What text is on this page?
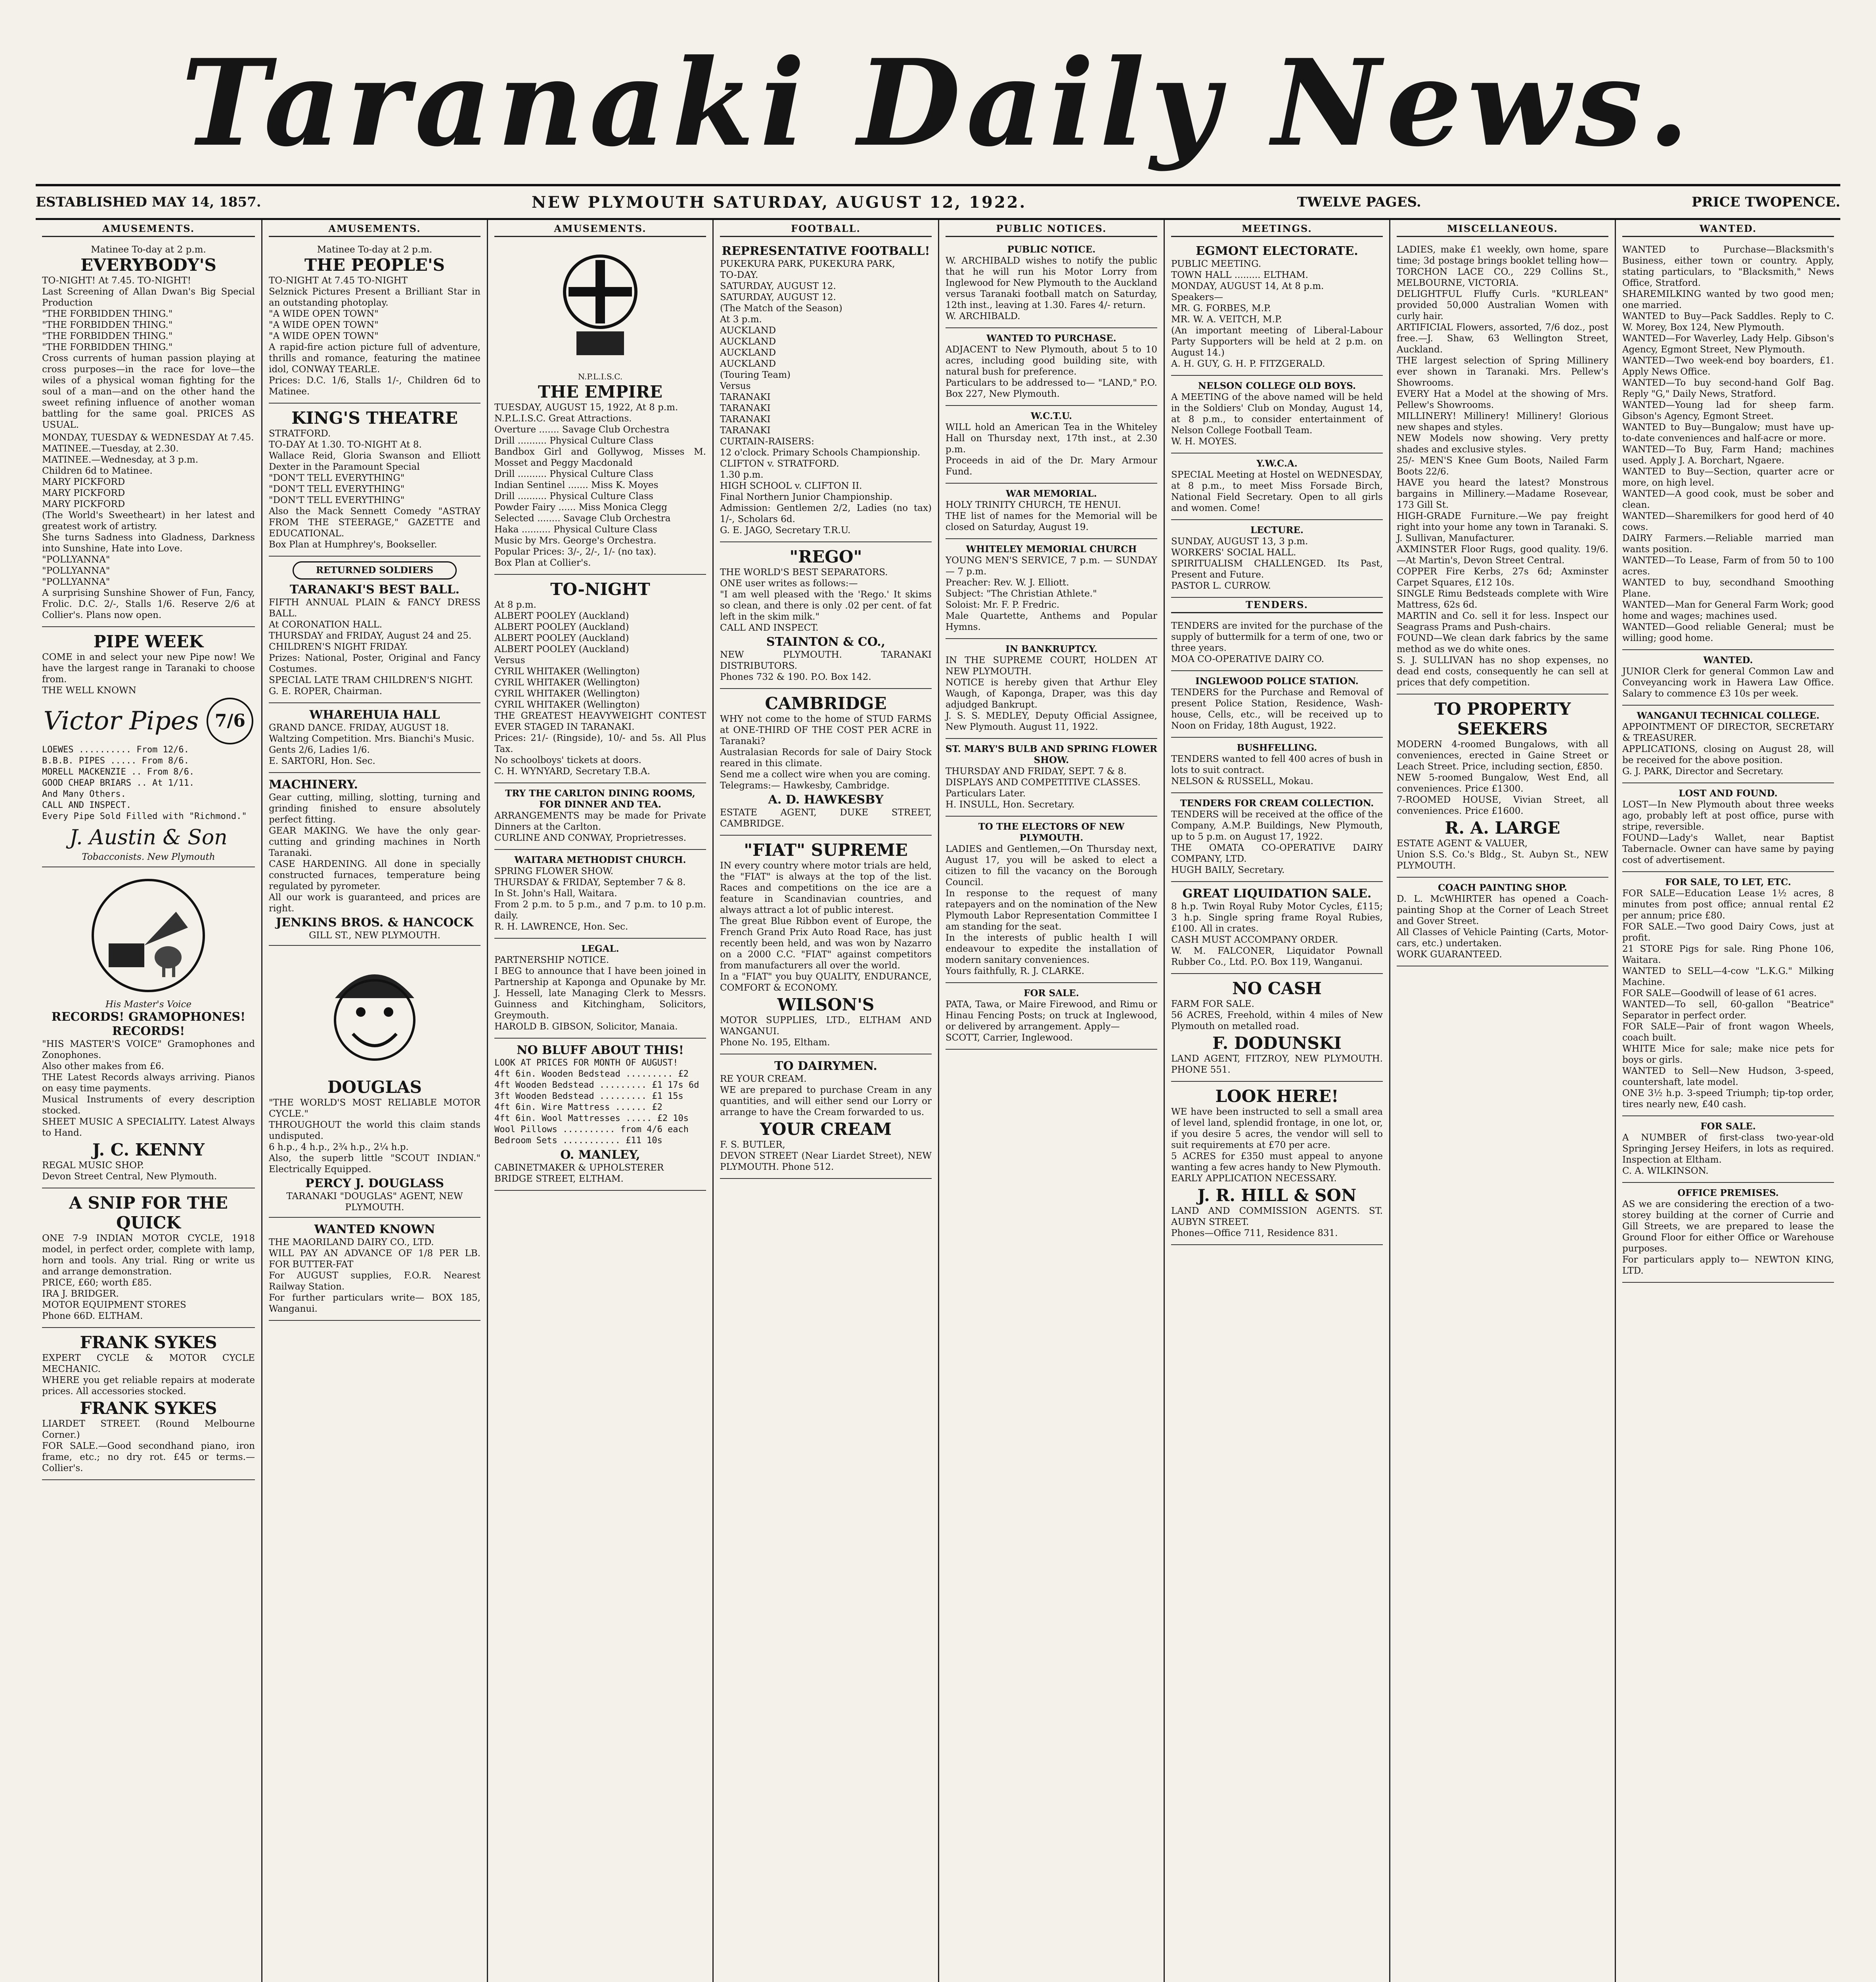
Taranaki Daily News.
ESTABLISHED MAY 14, 1857.	NEW PLYMOUTH SATURDAY, AUGUST 12, 1922.	TWELVE PAGES.	PRICE TWOPENCE.
AMUSEMENTS.
Matinee To-day at 2 p.m.
EVERYBODY'S

TO-NIGHT! At 7.45. TO-NIGHT!
Last Screening of Allan Dwan's Big Special Production
"THE FORBIDDEN THING."
"THE FORBIDDEN THING."
"THE FORBIDDEN THING."
"THE FORBIDDEN THING."
Cross currents of human passion playing at cross purposes—in the race for love—the wiles of a physical woman fighting for the soul of a man—and on the other hand the sweet refining influence of another woman battling for the same goal. PRICES AS USUAL.

MONDAY, TUESDAY & WEDNESDAY At 7.45.
MATINEE.—Tuesday, at 2.30.
MATINEE.—Wednesday, at 3 p.m.
Children 6d to Matinee.
MARY PICKFORD
MARY PICKFORD
MARY PICKFORD
(The World's Sweetheart) in her latest and greatest work of artistry.
She turns Sadness into Gladness, Darkness into Sunshine, Hate into Love.
"POLLYANNA"
"POLLYANNA"
"POLLYANNA"
A surprising Sunshine Shower of Fun, Fancy, Frolic. D.C. 2/-, Stalls 1/6. Reserve 2/6 at Collier's. Plans now open.

PIPE WEEK

COME in and select your new Pipe now! We have the largest range in Taranaki to choose from.
THE WELL KNOWN

Victor Pipes 7/6

LOEWES .......... From 12/6.
B.B.B. PIPES ..... From 8/6.
MORELL MACKENZIE .. From 8/6.
GOOD CHEAP BRIARS .. At 1/11.
And Many Others.
CALL AND INSPECT.
Every Pipe Sold Filled with "Richmond."

J. Austin & Son
Tobacconists. New Plymouth
His Master's Voice
RECORDS! GRAMOPHONES! RECORDS!

"HIS MASTER'S VOICE" Gramophones and Zonophones.
Also other makes from £6.
THE Latest Records always arriving. Pianos on easy time payments.
Musical Instruments of every description stocked.
SHEET MUSIC A SPECIALITY. Latest Always to Hand.

J. C. KENNY

REGAL MUSIC SHOP.
Devon Street Central, New Plymouth.

A SNIP FOR THE QUICK

ONE 7-9 INDIAN MOTOR CYCLE, 1918 model, in perfect order, complete with lamp, horn and tools. Any trial. Ring or write us and arrange demonstration.
PRICE, £60; worth £85.
IRA J. BRIDGER.
MOTOR EQUIPMENT STORES
Phone 66D. ELTHAM.

FRANK SYKES

EXPERT CYCLE & MOTOR CYCLE MECHANIC.
WHERE you get reliable repairs at moderate prices. All accessories stocked.

FRANK SYKES

LIARDET STREET. (Round Melbourne Corner.)
FOR SALE.—Good secondhand piano, iron frame, etc.; no dry rot. £45 or terms.—Collier's.

AMUSEMENTS.
Matinee To-day at 2 p.m.
THE PEOPLE'S

TO-NIGHT At 7.45 TO-NIGHT
Selznick Pictures Present a Brilliant Star in an outstanding photoplay.
"A WIDE OPEN TOWN"
"A WIDE OPEN TOWN"
"A WIDE OPEN TOWN"
A rapid-fire action picture full of adventure, thrills and romance, featuring the matinee idol, CONWAY TEARLE.
Prices: D.C. 1/6, Stalls 1/-, Children 6d to Matinee.

KING'S THEATRE

STRATFORD.
TO-DAY At 1.30. TO-NIGHT At 8.
Wallace Reid, Gloria Swanson and Elliott Dexter in the Paramount Special
"DON'T TELL EVERYTHING"
"DON'T TELL EVERYTHING"
"DON'T TELL EVERYTHING"
Also the Mack Sennett Comedy "ASTRAY FROM THE STEERAGE," GAZETTE and EDUCATIONAL.
Box Plan at Humphrey's, Bookseller.

RETURNED SOLDIERS
TARANAKI'S BEST BALL.

FIFTH ANNUAL PLAIN & FANCY DRESS BALL.
At CORONATION HALL.
THURSDAY and FRIDAY, August 24 and 25.
CHILDREN'S NIGHT FRIDAY.
Prizes: National, Poster, Original and Fancy Costumes.
SPECIAL LATE TRAM CHILDREN'S NIGHT.
G. E. ROPER, Chairman.

WHAREHUIA HALL

GRAND DANCE. FRIDAY, AUGUST 18.
Waltzing Competition. Mrs. Bianchi's Music.
Gents 2/6, Ladies 1/6.
E. SARTORI, Hon. Sec.

MACHINERY.

Gear cutting, milling, slotting, turning and grinding finished to ensure absolutely perfect fitting.
GEAR MAKING. We have the only gear-cutting and grinding machines in North Taranaki.
CASE HARDENING. All done in specially constructed furnaces, temperature being regulated by pyrometer.
All our work is guaranteed, and prices are right.

JENKINS BROS. & HANCOCK
GILL ST., NEW PLYMOUTH.
DOUGLAS

"THE WORLD'S MOST RELIABLE MOTOR CYCLE."
THROUGHOUT the world this claim stands undisputed.
6 h.p., 4 h.p., 2¾ h.p., 2¼ h.p.
Also, the superb little "SCOUT INDIAN." Electrically Equipped.

PERCY J. DOUGLASS
TARANAKI "DOUGLAS" AGENT, NEW PLYMOUTH.
WANTED KNOWN

THE MAORILAND DAIRY CO., LTD.
WILL PAY AN ADVANCE OF 1/8 PER LB. FOR BUTTER-FAT
For AUGUST supplies, F.O.R. Nearest Railway Station.
For further particulars write— BOX 185, Wanganui.

AMUSEMENTS.
N.P.L.I.S.C.
THE EMPIRE

TUESDAY, AUGUST 15, 1922, At 8 p.m.
N.P.L.I.S.C. Great Attractions.
Overture ....... Savage Club Orchestra
Drill .......... Physical Culture Class
Bandbox Girl and Gollywog, Misses M. Mosset and Peggy Macdonald
Drill .......... Physical Culture Class
Indian Sentinel ....... Miss K. Moyes
Drill .......... Physical Culture Class
Powder Fairy ...... Miss Monica Clegg
Selected ........ Savage Club Orchestra
Haka .......... Physical Culture Class
Music by Mrs. George's Orchestra.
Popular Prices: 3/-, 2/-, 1/- (no tax).
Box Plan at Collier's.

TO-NIGHT

At 8 p.m.
ALBERT POOLEY (Auckland)
ALBERT POOLEY (Auckland)
ALBERT POOLEY (Auckland)
ALBERT POOLEY (Auckland)
Versus
CYRIL WHITAKER (Wellington)
CYRIL WHITAKER (Wellington)
CYRIL WHITAKER (Wellington)
CYRIL WHITAKER (Wellington)
THE GREATEST HEAVYWEIGHT CONTEST EVER STAGED IN TARANAKI.
Prices: 21/- (Ringside), 10/- and 5s. All Plus Tax.
No schoolboys' tickets at doors.
C. H. WYNYARD, Secretary T.B.A.

TRY THE CARLTON DINING ROOMS, FOR DINNER AND TEA.

ARRANGEMENTS may be made for Private Dinners at the Carlton.
CURLINE AND CONWAY, Proprietresses.

WAITARA METHODIST CHURCH.

SPRING FLOWER SHOW.
THURSDAY & FRIDAY, September 7 & 8.
In St. John's Hall, Waitara.
From 2 p.m. to 5 p.m., and 7 p.m. to 10 p.m. daily.
R. H. LAWRENCE, Hon. Sec.

LEGAL.

PARTNERSHIP NOTICE.
I BEG to announce that I have been joined in Partnership at Kaponga and Opunake by Mr. J. Hessell, late Managing Clerk to Messrs. Guinness and Kitchingham, Solicitors, Greymouth.
HAROLD B. GIBSON, Solicitor, Manaia.

NO BLUFF ABOUT THIS!

LOOK AT PRICES FOR MONTH OF AUGUST!
4ft 6in. Wooden Bedstead ......... £2
4ft Wooden Bedstead ......... £1 17s 6d
3ft Wooden Bedstead ......... £1 15s
4ft 6in. Wire Mattress ...... £2
4ft 6in. Wool Mattresses ..... £2 10s
Wool Pillows .......... from 4/6 each
Bedroom Sets ........... £11 10s

O. MANLEY,

CABINETMAKER & UPHOLSTERER
BRIDGE STREET, ELTHAM.

FOOTBALL.
REPRESENTATIVE FOOTBALL!

PUKEKURA PARK, PUKEKURA PARK,
TO-DAY.
SATURDAY, AUGUST 12.
SATURDAY, AUGUST 12.
(The Match of the Season)
At 3 p.m.
AUCKLAND
AUCKLAND
AUCKLAND
AUCKLAND
(Touring Team)
Versus
TARANAKI
TARANAKI
TARANAKI
TARANAKI
CURTAIN-RAISERS:
12 o'clock. Primary Schools Championship.
CLIFTON v. STRATFORD.
1.30 p.m.
HIGH SCHOOL v. CLIFTON II.
Final Northern Junior Championship.
Admission: Gentlemen 2/2, Ladies (no tax) 1/-, Scholars 6d.
G. E. JAGO, Secretary T.R.U.

"REGO"

THE WORLD'S BEST SEPARATORS.
ONE user writes as follows:—
"I am well pleased with the 'Rego.' It skims so clean, and there is only .02 per cent. of fat left in the skim milk."
CALL AND INSPECT.

STAINTON & CO.,

NEW PLYMOUTH. TARANAKI DISTRIBUTORS.
Phones 732 & 190. P.O. Box 142.

CAMBRIDGE

WHY not come to the home of STUD FARMS at ONE-THIRD OF THE COST PER ACRE in Taranaki?
Australasian Records for sale of Dairy Stock reared in this climate.
Send me a collect wire when you are coming.
Telegrams:— Hawkesby, Cambridge.

A. D. HAWKESBY

ESTATE AGENT, DUKE STREET, CAMBRIDGE.

"FIAT" SUPREME

IN every country where motor trials are held, the "FIAT" is always at the top of the list. Races and competitions on the ice are a feature in Scandinavian countries, and always attract a lot of public interest.
The great Blue Ribbon event of Europe, the French Grand Prix Auto Road Race, has just recently been held, and was won by Nazarro on a 2000 C.C. "FIAT" against competitors from manufacturers all over the world.
In a "FIAT" you buy QUALITY, ENDURANCE, COMFORT & ECONOMY.

WILSON'S

MOTOR SUPPLIES, LTD., ELTHAM AND WANGANUI.
Phone No. 195, Eltham.

TO DAIRYMEN.

RE YOUR CREAM.
WE are prepared to purchase Cream in any quantities, and will either send our Lorry or arrange to have the Cream forwarded to us.

YOUR CREAM

F. S. BUTLER,
DEVON STREET (Near Liardet Street), NEW PLYMOUTH. Phone 512.

PUBLIC NOTICES.
PUBLIC NOTICE.

W. ARCHIBALD wishes to notify the public that he will run his Motor Lorry from Inglewood for New Plymouth to the Auckland versus Taranaki football match on Saturday, 12th inst., leaving at 1.30. Fares 4/- return.
W. ARCHIBALD.

WANTED TO PURCHASE.

ADJACENT to New Plymouth, about 5 to 10 acres, including good building site, with natural bush for preference.
Particulars to be addressed to— "LAND," P.O. Box 227, New Plymouth.

W.C.T.U.

WILL hold an American Tea in the Whiteley Hall on Thursday next, 17th inst., at 2.30 p.m.
Proceeds in aid of the Dr. Mary Armour Fund.

WAR MEMORIAL.

HOLY TRINITY CHURCH, TE HENUI.
THE list of names for the Memorial will be closed on Saturday, August 19.

WHITELEY MEMORIAL CHURCH

YOUNG MEN'S SERVICE, 7 p.m. — SUNDAY — 7 p.m.
Preacher: Rev. W. J. Elliott.
Subject: "The Christian Athlete."
Soloist: Mr. F. P. Fredric.
Male Quartette, Anthems and Popular Hymns.

IN BANKRUPTCY.

IN THE SUPREME COURT, HOLDEN AT NEW PLYMOUTH.
NOTICE is hereby given that Arthur Eley Waugh, of Kaponga, Draper, was this day adjudged Bankrupt.
J. S. S. MEDLEY, Deputy Official Assignee, New Plymouth. August 11, 1922.

ST. MARY'S BULB AND SPRING FLOWER SHOW.

THURSDAY AND FRIDAY, SEPT. 7 & 8.
DISPLAYS AND COMPETITIVE CLASSES.
Particulars Later.
H. INSULL, Hon. Secretary.

TO THE ELECTORS OF NEW PLYMOUTH.

LADIES and Gentlemen,—On Thursday next, August 17, you will be asked to elect a citizen to fill the vacancy on the Borough Council.
In response to the request of many ratepayers and on the nomination of the New Plymouth Labor Representation Committee I am standing for the seat.
In the interests of public health I will endeavour to expedite the installation of modern sanitary conveniences.
Yours faithfully, R. J. CLARKE.

FOR SALE.

PATA, Tawa, or Maire Firewood, and Rimu or Hinau Fencing Posts; on truck at Inglewood, or delivered by arrangement. Apply—
SCOTT, Carrier, Inglewood.

MEETINGS.
EGMONT ELECTORATE.

PUBLIC MEETING.
TOWN HALL ......... ELTHAM.
MONDAY, AUGUST 14, At 8 p.m.
Speakers—
MR. G. FORBES, M.P.
MR. W. A. VEITCH, M.P.
(An important meeting of Liberal-Labour Party Supporters will be held at 2 p.m. on August 14.)
A. H. GUY, G. H. P. FITZGERALD.

NELSON COLLEGE OLD BOYS.

A MEETING of the above named will be held in the Soldiers' Club on Monday, August 14, at 8 p.m., to consider entertainment of Nelson College Football Team.
W. H. MOYES.

Y.W.C.A.

SPECIAL Meeting at Hostel on WEDNESDAY, at 8 p.m., to meet Miss Forsade Birch, National Field Secretary. Open to all girls and women. Come!

LECTURE.

SUNDAY, AUGUST 13, 3 p.m.
WORKERS' SOCIAL HALL.
SPIRITUALISM CHALLENGED. Its Past, Present and Future.
PASTOR L. CURROW.

TENDERS.

TENDERS are invited for the purchase of the supply of buttermilk for a term of one, two or three years.
MOA CO-OPERATIVE DAIRY CO.

INGLEWOOD POLICE STATION.

TENDERS for the Purchase and Removal of present Police Station, Residence, Wash-house, Cells, etc., will be received up to Noon on Friday, 18th August, 1922.

BUSHFELLING.

TENDERS wanted to fell 400 acres of bush in lots to suit contract.
NELSON & RUSSELL, Mokau.

TENDERS FOR CREAM COLLECTION.

TENDERS will be received at the office of the Company, A.M.P. Buildings, New Plymouth, up to 5 p.m. on August 17, 1922.
THE OMATA CO-OPERATIVE DAIRY COMPANY, LTD.
HUGH BAILY, Secretary.

GREAT LIQUIDATION SALE.

8 h.p. Twin Royal Ruby Motor Cycles, £115; 3 h.p. Single spring frame Royal Rubies, £100. All in crates.
CASH MUST ACCOMPANY ORDER.
W. M. FALCONER, Liquidator Pownall Rubber Co., Ltd. P.O. Box 119, Wanganui.

NO CASH

FARM FOR SALE.
56 ACRES, Freehold, within 4 miles of New Plymouth on metalled road.

F. DODUNSKI

LAND AGENT, FITZROY, NEW PLYMOUTH. PHONE 551.

LOOK HERE!

WE have been instructed to sell a small area of level land, splendid frontage, in one lot, or, if you desire 5 acres, the vendor will sell to suit requirements at £70 per acre.
5 ACRES for £350 must appeal to anyone wanting a few acres handy to New Plymouth.
EARLY APPLICATION NECESSARY.

J. R. HILL & SON

LAND AND COMMISSION AGENTS. ST. AUBYN STREET.
Phones—Office 711, Residence 831.

MISCELLANEOUS.

LADIES, make £1 weekly, own home, spare time; 3d postage brings booklet telling how—TORCHON LACE CO., 229 Collins St., MELBOURNE, VICTORIA.
DELIGHTFUL Fluffy Curls. "KURLEAN" provided 50,000 Australian Women with curly hair.
ARTIFICIAL Flowers, assorted, 7/6 doz., post free.—J. Shaw, 63 Wellington Street, Auckland.
THE largest selection of Spring Millinery ever shown in Taranaki. Mrs. Pellew's Showrooms.
EVERY Hat a Model at the showing of Mrs. Pellew's Showrooms.
MILLINERY! Millinery! Millinery! Glorious new shapes and styles.
NEW Models now showing. Very pretty shades and exclusive styles.
25/- MEN'S Knee Gum Boots, Nailed Farm Boots 22/6.
HAVE you heard the latest? Monstrous bargains in Millinery.—Madame Rosevear, 173 Gill St.
HIGH-GRADE Furniture.—We pay freight right into your home any town in Taranaki. S. J. Sullivan, Manufacturer.
AXMINSTER Floor Rugs, good quality. 19/6.—At Martin's, Devon Street Central.
COPPER Fire Kerbs, 27s 6d; Axminster Carpet Squares, £12 10s.
SINGLE Rimu Bedsteads complete with Wire Mattress, 62s 6d.
MARTIN and Co. sell it for less. Inspect our Seagrass Prams and Push-chairs.
FOUND—We clean dark fabrics by the same method as we do white ones.
S. J. SULLIVAN has no shop expenses, no dead end costs, consequently he can sell at prices that defy competition.

TO PROPERTY SEEKERS

MODERN 4-roomed Bungalows, with all conveniences, erected in Gaine Street or Leach Street. Price, including section, £850.
NEW 5-roomed Bungalow, West End, all conveniences. Price £1300.
7-ROOMED HOUSE, Vivian Street, all conveniences. Price £1600.

R. A. LARGE

ESTATE AGENT & VALUER,
Union S.S. Co.'s Bldg., St. Aubyn St., NEW PLYMOUTH.

COACH PAINTING SHOP.

D. L. McWHIRTER has opened a Coach-painting Shop at the Corner of Leach Street and Gover Street.
All Classes of Vehicle Painting (Carts, Motor-cars, etc.) undertaken.
WORK GUARANTEED.

WANTED.

WANTED to Purchase—Blacksmith's Business, either town or country. Apply, stating particulars, to "Blacksmith," News Office, Stratford.
SHAREMILKING wanted by two good men; one married.
WANTED to Buy—Pack Saddles. Reply to C. W. Morey, Box 124, New Plymouth.
WANTED—For Waverley, Lady Help. Gibson's Agency, Egmont Street, New Plymouth.
WANTED—Two week-end boy boarders, £1. Apply News Office.
WANTED—To buy second-hand Golf Bag. Reply "G," Daily News, Stratford.
WANTED—Young lad for sheep farm. Gibson's Agency, Egmont Street.
WANTED to Buy—Bungalow; must have up-to-date conveniences and half-acre or more.
WANTED—To Buy, Farm Hand; machines used. Apply J. A. Borchart, Ngaere.
WANTED to Buy—Section, quarter acre or more, on high level.
WANTED—A good cook, must be sober and clean.
WANTED—Sharemilkers for good herd of 40 cows.
DAIRY Farmers.—Reliable married man wants position.
WANTED—To Lease, Farm of from 50 to 100 acres.
WANTED to buy, secondhand Smoothing Plane.
WANTED—Man for General Farm Work; good home and wages; machines used.
WANTED—Good reliable General; must be willing; good home.

WANTED.

JUNIOR Clerk for general Common Law and Conveyancing work in Hawera Law Office. Salary to commence £3 10s per week.

WANGANUI TECHNICAL COLLEGE.

APPOINTMENT OF DIRECTOR, SECRETARY & TREASURER.
APPLICATIONS, closing on August 28, will be received for the above position.
G. J. PARK, Director and Secretary.

LOST AND FOUND.

LOST—In New Plymouth about three weeks ago, probably left at post office, purse with stripe, reversible.
FOUND—Lady's Wallet, near Baptist Tabernacle. Owner can have same by paying cost of advertisement.

FOR SALE, TO LET, ETC.

FOR SALE—Education Lease 1½ acres, 8 minutes from post office; annual rental £2 per annum; price £80.
FOR SALE.—Two good Dairy Cows, just at profit.
21 STORE Pigs for sale. Ring Phone 106, Waitara.
WANTED to SELL—4-cow "L.K.G." Milking Machine.
FOR SALE—Goodwill of lease of 61 acres.
WANTED—To sell, 60-gallon "Beatrice" Separator in perfect order.
FOR SALE—Pair of front wagon Wheels, coach built.
WHITE Mice for sale; make nice pets for boys or girls.
WANTED to Sell—New Hudson, 3-speed, countershaft, late model.
ONE 3½ h.p. 3-speed Triumph; tip-top order, tires nearly new, £40 cash.

FOR SALE.

A NUMBER of first-class two-year-old Springing Jersey Heifers, in lots as required. Inspection at Eltham.
C. A. WILKINSON.

OFFICE PREMISES.

AS we are considering the erection of a two-storey building at the corner of Currie and Gill Streets, we are prepared to lease the Ground Floor for either Office or Warehouse purposes.
For particulars apply to— NEWTON KING, LTD.
